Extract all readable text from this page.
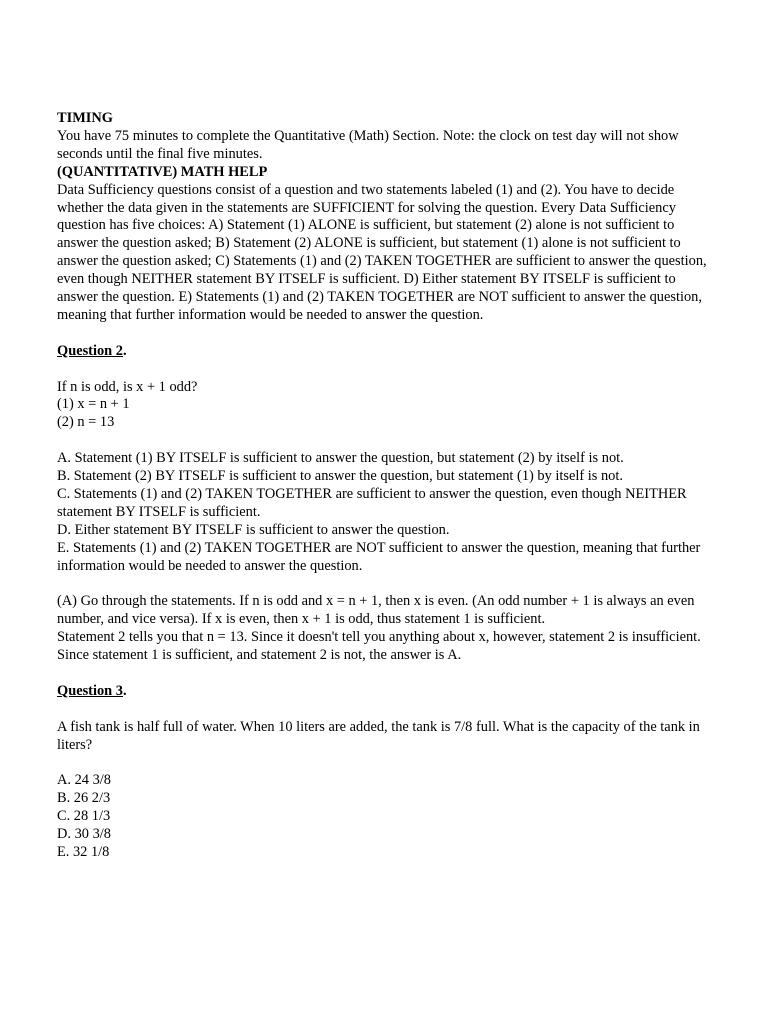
TIMING

You have 75 minutes to complete the Quantitative (Math) Section. Note: the clock on test day will not show seconds until the final five minutes.

(QUANTITATIVE) MATH HELP

Data Sufficiency questions consist of a question and two statements labeled (1) and (2). You have to decide whether the data given in the statements are SUFFICIENT for solving the question. Every Data Sufficiency question has five choices: A) Statement (1) ALONE is sufficient, but statement (2) alone is not sufficient to answer the question asked; B) Statement (2) ALONE is sufficient, but statement (1) alone is not sufficient to answer the question asked; C) Statements (1) and (2) TAKEN TOGETHER are sufficient to answer the question, even though NEITHER statement BY ITSELF is sufficient. D) Either statement BY ITSELF is sufficient to answer the question. E) Statements (1) and (2) TAKEN TOGETHER are NOT sufficient to answer the question, meaning that further information would be needed to answer the question.

Question 2.

If n is odd, is x + 1 odd?

(1) x = n + 1

(2) n = 13

A. Statement (1) BY ITSELF is sufficient to answer the question, but statement (2) by itself is not.

B. Statement (2) BY ITSELF is sufficient to answer the question, but statement (1) by itself is not.

C. Statements (1) and (2) TAKEN TOGETHER are sufficient to answer the question, even though NEITHER statement BY ITSELF is sufficient.

D. Either statement BY ITSELF is sufficient to answer the question.

E. Statements (1) and (2) TAKEN TOGETHER are NOT sufficient to answer the question, meaning that further information would be needed to answer the question.

(A) Go through the statements. If n is odd and x = n + 1, then x is even. (An odd number + 1 is always an even number, and vice versa). If x is even, then x + 1 is odd, thus statement 1 is sufficient.

Statement 2 tells you that n = 13. Since it doesn't tell you anything about x, however, statement 2 is insufficient. Since statement 1 is sufficient, and statement 2 is not, the answer is A.

Question 3.

A fish tank is half full of water. When 10 liters are added, the tank is 7/8 full. What is the capacity of the tank in liters?

A. 24 3/8

B. 26 2/3

C. 28 1/3

D. 30 3/8

E. 32 1/8
